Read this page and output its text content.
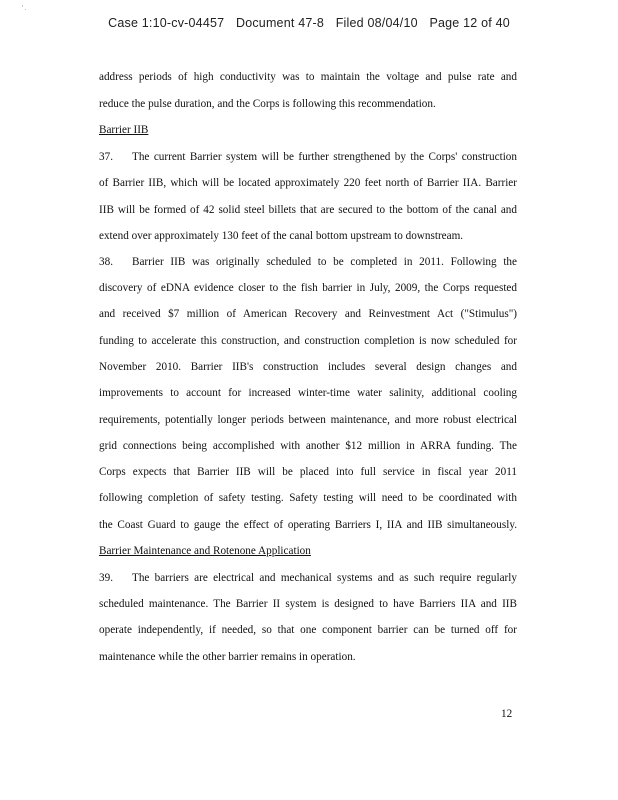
' .
Case 1:10-cv-04457 Document 47-8 Filed 08/04/10 Page 12 of 40
address periods of high conductivity was to maintain the voltage and pulse rate and
reduce the pulse duration, and the Corps is following this recommendation.
Barrier IIB
37. The current Barrier system will be further strengthened by the Corps' construction
of Barrier IIB, which will be located approximately 220 feet north of Barrier IIA. Barrier
IIB will be formed of 42 solid steel billets that are secured to the bottom of the canal and
extend over approximately 130 feet of the canal bottom upstream to downstream.
38. Barrier IIB was originally scheduled to be completed in 2011. Following the
discovery of eDNA evidence closer to the fish barrier in July, 2009, the Corps requested
and received $7 million of American Recovery and Reinvestment Act ("Stimulus")
funding to accelerate this construction, and construction completion is now scheduled for
November 2010. Barrier IIB's construction includes several design changes and
improvements to account for increased winter-time water salinity, additional cooling
requirements, potentially longer periods between maintenance, and more robust electrical
grid connections being accomplished with another $12 million in ARRA funding. The
Corps expects that Barrier IIB will be placed into full service in fiscal year 2011
following completion of safety testing. Safety testing will need to be coordinated with
the Coast Guard to gauge the effect of operating Barriers I, IIA and IIB simultaneously.
Barrier Maintenance and Rotenone Application
39. The barriers are electrical and mechanical systems and as such require regularly
scheduled maintenance. The Barrier II system is designed to have Barriers IIA and IIB
operate independently, if needed, so that one component barrier can be turned off for
maintenance while the other barrier remains in operation.
12
